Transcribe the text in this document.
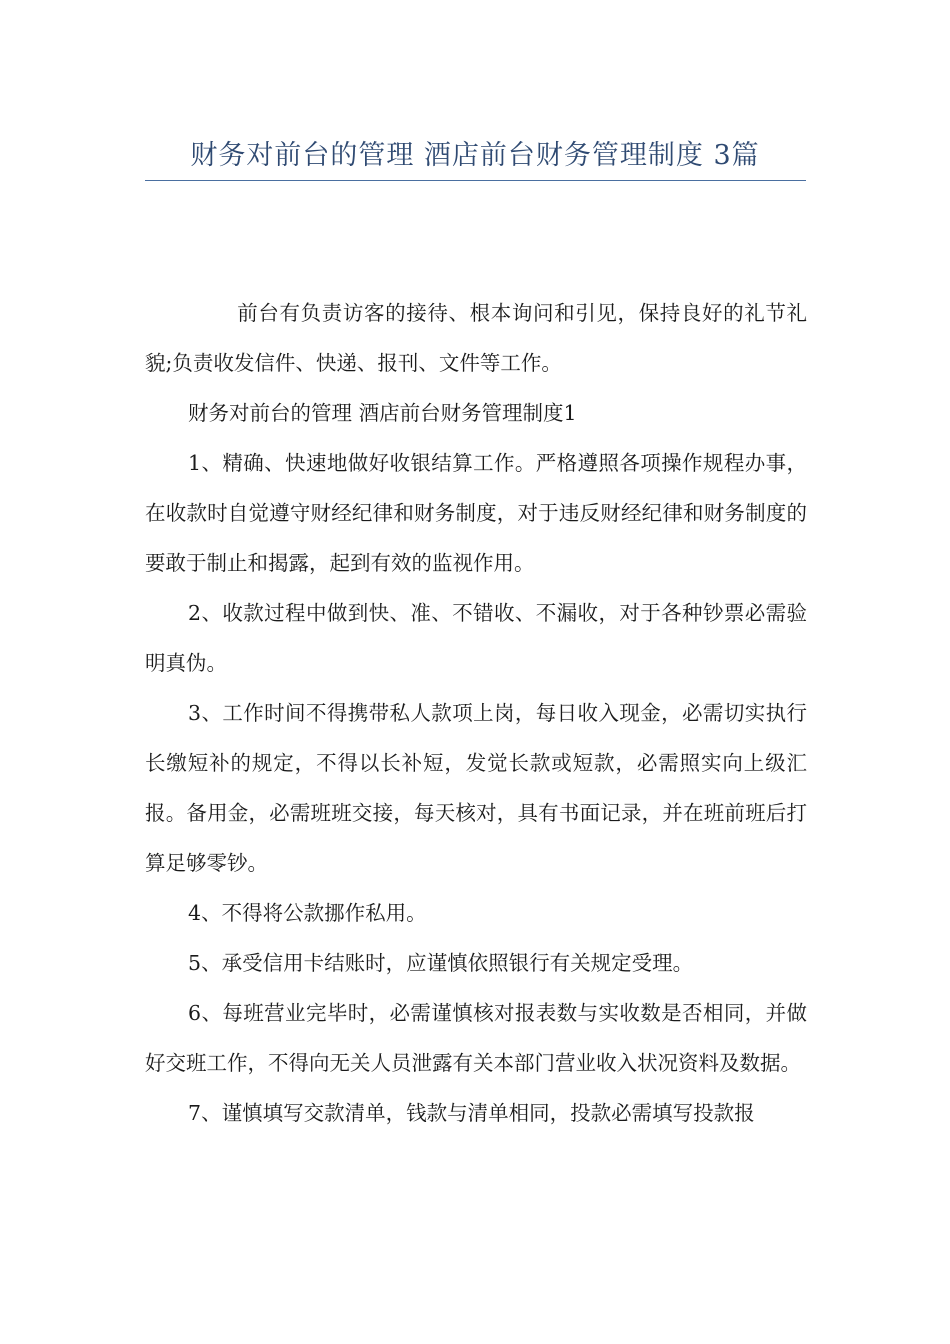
财务对前台的管理 酒店前台财务管理制度 3篇

前台有负责访客的接待、根本询问和引见，保持良好的礼节礼貌;负责收发信件、快递、报刊、文件等工作。

财务对前台的管理 酒店前台财务管理制度1

1、精确、快速地做好收银结算工作。严格遵照各项操作规程办事，在收款时自觉遵守财经纪律和财务制度，对于违反财经纪律和财务制度的要敢于制止和揭露，起到有效的监视作用。

2、收款过程中做到快、准、不错收、不漏收，对于各种钞票必需验明真伪。

3、工作时间不得携带私人款项上岗，每日收入现金，必需切实执行长缴短补的规定，不得以长补短，发觉长款或短款，必需照实向上级汇报。备用金，必需班班交接，每天核对，具有书面记录，并在班前班后打算足够零钞。

4、不得将公款挪作私用。

5、承受信用卡结账时，应谨慎依照银行有关规定受理。

6、每班营业完毕时，必需谨慎核对报表数与实收数是否相同，并做好交班工作，不得向无关人员泄露有关本部门营业收入状况资料及数据。

7、谨慎填写交款清单，钱款与清单相同，投款必需填写投款报
